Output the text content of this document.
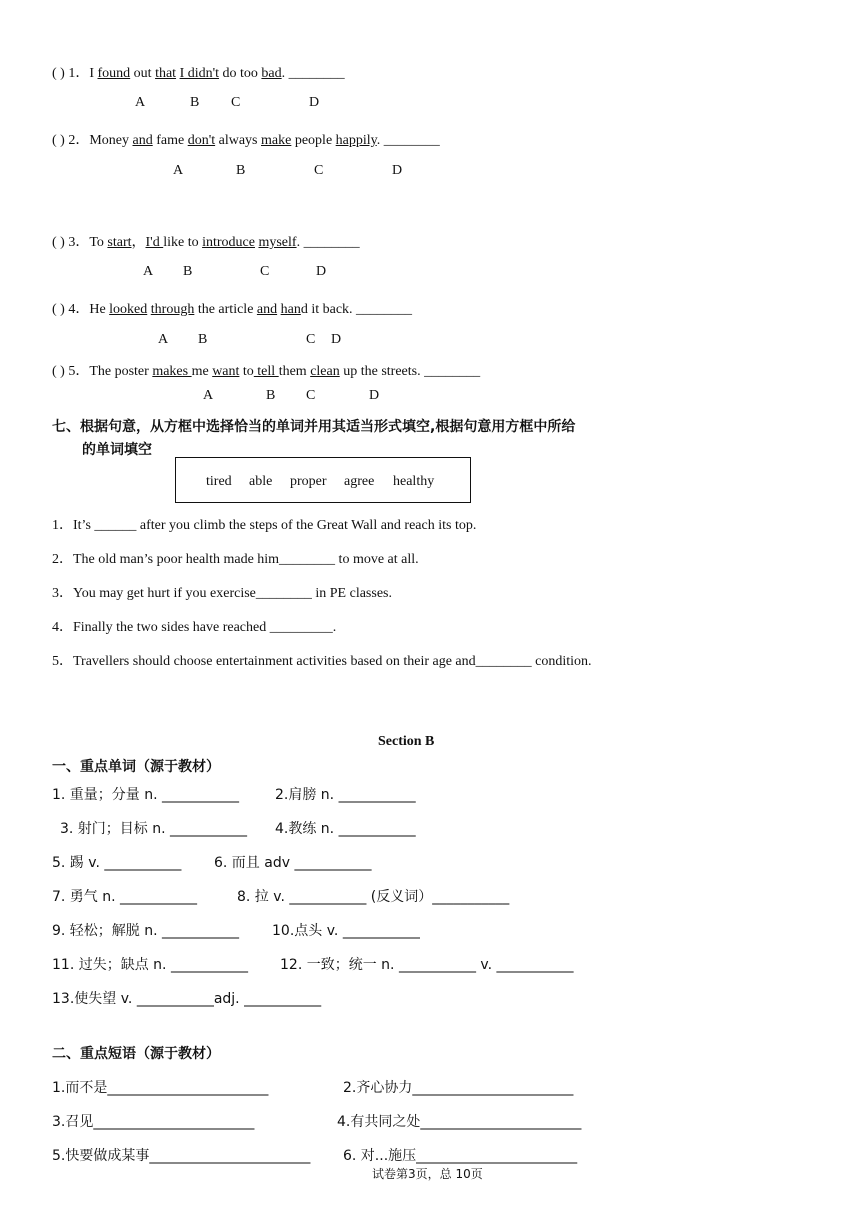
( ) 1．I found out that I didn't do too bad. ________
A	B C	D
( ) 2．Money and fame don't always make people happily. ________
A	B	C	D
( ) 3．To start，I'd like to introduce myself. ________
A B	C	D
( ) 4．He looked through the article and hand it back. ________
A B	C D
( ) 5．The poster makes me want to tell them clean up the streets. ________
A	B C	D
七、根据句意，从方框中选择恰当的单词并用其适当形式填空,根据句意用方框中所给
的单词填空
tired able proper agree healthy
1．It’s ______ after you climb the steps of the Great Wall and reach its top.
2．The old man’s poor health made him________ to move at all.
3．You may get hurt if you exercise________ in PE classes.
4．Finally the two sides have reached _________.
5．Travellers should choose entertainment activities based on their age and________ condition.
Section B
一、重点单词（源于教材）
1. 重量；分量 n. ___________	2.肩膀 n. ___________
3. 射门；目标 n. ___________ 4.教练 n. ___________
5. 踢 v. ___________ 6. 而且 adv ___________
7. 勇气 n. ___________	8. 拉 v. ___________ (反义词）___________
9. 轻松；解脱 n. ___________ 10.点头 v. ___________
11. 过失；缺点 n. ___________ 12. 一致；统一 n. ___________ v. ___________
13.使失望 v. ___________adj. ___________
二、重点短语（源于教材）
1.而不是_______________________	2.齐心协力_______________________
3.召见_______________________	4.有共同之处_______________________
5.快要做成某事_______________________ 6. 对...施压_______________________
试卷第3页，总 10页
